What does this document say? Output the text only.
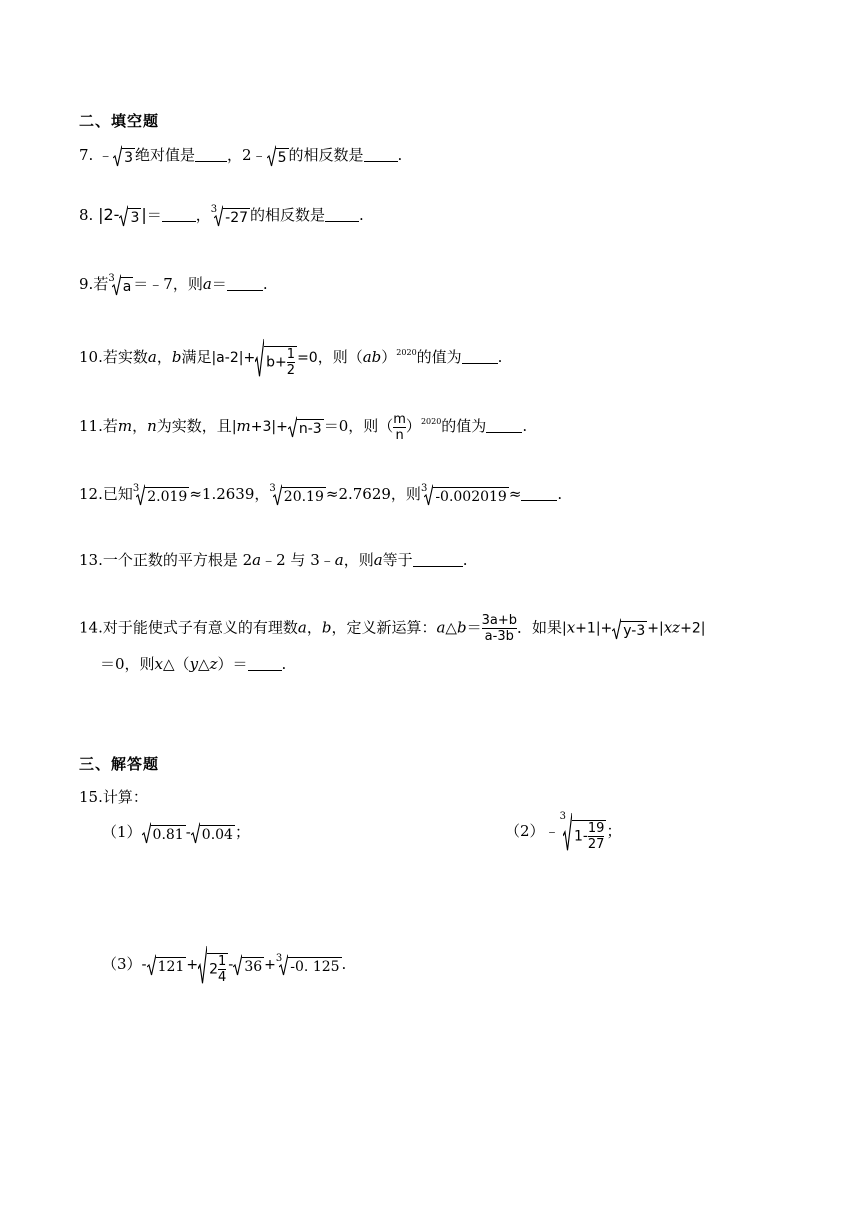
二、填空题
7. ﹣ 3 绝对值是 ，2﹣ 5 的相反数是 .
8. |2- 3 |＝ ， 3
-27 的相反数是 .
9.若 3
a ＝﹣7，则a＝ .
10.若实数a，b满足$|a-2|+ b+ \frac{1}{2} =0$，则（ab）$^{2020}$的值为 .
11.若m，n为实数，且|m+3|+ n-3 ＝0，则（ $\frac{m}{n} )^{2020}$的值为 .
12.已知 3
2.019 ≈1.2639， 3
20.19 ≈2.7629，则 3
-0.002019 ≈ .
13.一个正数的平方根是 2a﹣2 与 3﹣a，则a等于	.
14.对于能使式子有意义的有理数a，b，定义新运算：a△b＝ $\frac{3a+b}{a-3b}$ ．如果|x+1|+ y-3 +|xz+2|
＝0，则x△（y△z）＝ .
三、解答题
15.计算：
（1） 0.81 - 0.04 ；	（2）﹣
3
$1- \frac{19}{27}$ ；
（3）- $121 + 2 \frac{1}{4} - 36 + 3$
-0. 125 .
